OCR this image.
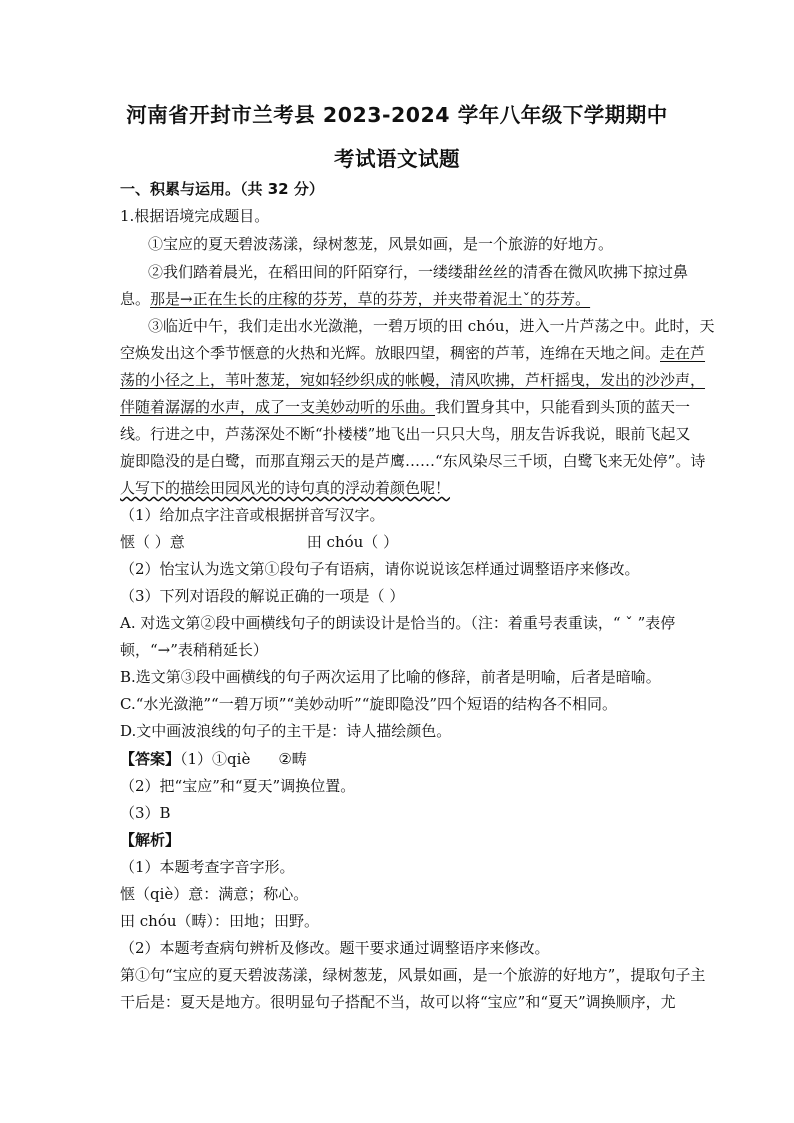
河南省开封市兰考县 2023-2024 学年八年级下学期期中
考试语文试题
一、积累与运用。（共 32 分）
1.根据语境完成题目。
①宝应的夏天碧波荡漾，绿树葱茏，风景如画，是一个旅游的好地方。
②我们踏着晨光，在稻田间的阡陌穿行，一缕缕甜丝丝的清香在微风吹拂下掠过鼻
息。那是→正在生长的庄稼的芬芳，草的芬芳，并夹带着泥土ˇ的芬芳。
③临近中午，我们走出水光潋滟，一碧万顷的田 chóu，进入一片芦荡之中。此时，天
空焕发出这个季节惬意的火热和光辉。放眼四望，稠密的芦苇，连绵在天地之间。走在芦
荡的小径之上，苇叶葱茏，宛如轻纱织成的帐幔，清风吹拂，芦杆摇曳，发出的沙沙声，
伴随着潺潺的水声，成了一支美妙动听的乐曲。我们置身其中，只能看到头顶的蓝天一
线。行进之中，芦荡深处不断“扑楼楼”地飞出一只只大鸟，朋友告诉我说，眼前飞起又
旋即隐没的是白鹭，而那直翔云天的是芦鹰……“东风染尽三千顷，白鹭飞来无处停”。诗
人写下的描绘田园风光的诗句真的浮动着颜色呢！
（1）给加点字注音或根据拼音写汉字。
惬（ ）意	田 chóu（ ）
（2）怡宝认为选文第①段句子有语病，请你说说该怎样通过调整语序来修改。
（3）下列对语段的解说正确的一项是（ ）
A. 对选文第②段中画横线句子的朗读设计是恰当的。（注：着重号表重读，“ ˇ ”表停
顿，“→”表稍稍延长）
B.选文第③段中画横线的句子两次运用了比喻的修辞，前者是明喻，后者是暗喻。
C.“水光潋滟”“一碧万顷”“美妙动听”“旋即隐没”四个短语的结构各不相同。
D.文中画波浪线的句子的主干是：诗人描绘颜色。
【答案】（1）①qiè ②畴
（2）把“宝应”和“夏天”调换位置。
（3）B
【解析】
（1）本题考查字音字形。
惬（qiè）意：满意；称心。
田 chóu（畴）：田地；田野。
（2）本题考查病句辨析及修改。题干要求通过调整语序来修改。
第①句“宝应的夏天碧波荡漾，绿树葱茏，风景如画，是一个旅游的好地方”，提取句子主
干后是：夏天是地方。很明显句子搭配不当，故可以将“宝应”和“夏天”调换顺序，尤
